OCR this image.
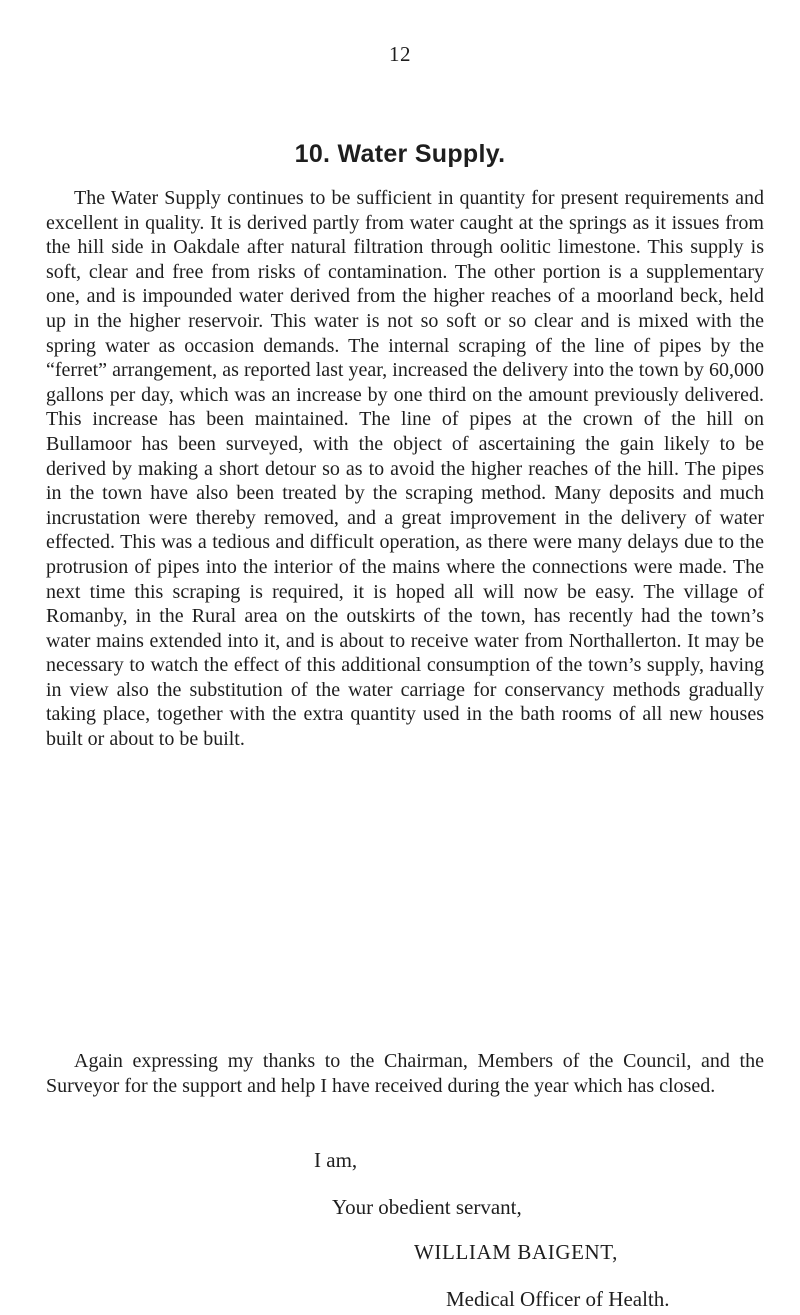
12
10. Water Supply.

The Water Supply continues to be sufficient in quantity for present requirements and excellent in quality. It is derived partly from water caught at the springs as it issues from the hill side in Oakdale after natural filtration through oolitic limestone. This supply is soft, clear and free from risks of contamination. The other portion is a supplementary one, and is impounded water derived from the higher reaches of a moorland beck, held up in the higher reservoir. This water is not so soft or so clear and is mixed with the spring water as occasion demands. The internal scraping of the line of pipes by the “ferret” arrangement, as reported last year, increased the delivery into the town by 60,000 gallons per day, which was an increase by one third on the amount previously delivered. This increase has been maintained. The line of pipes at the crown of the hill on Bullamoor has been surveyed, with the object of ascertaining the gain likely to be derived by making a short detour so as to avoid the higher reaches of the hill. The pipes in the town have also been treated by the scraping method. Many deposits and much incrustation were thereby removed, and a great improvement in the delivery of water effected. This was a tedious and difficult operation, as there were many delays due to the protrusion of pipes into the interior of the mains where the connections were made. The next time this scraping is required, it is hoped all will now be easy. The village of Romanby, in the Rural area on the outskirts of the town, has recently had the town’s water mains extended into it, and is about to receive water from Northallerton. It may be necessary to watch the effect of this additional consumption of the town’s supply, having in view also the substitution of the water carriage for conservancy methods gradually taking place, together with the extra quantity used in the bath rooms of all new houses built or about to be built.

Again expressing my thanks to the Chairman, Members of the Council, and the Surveyor for the support and help I have received during the year which has closed.

I am,

Your obedient servant,

WILLIAM BAIGENT,

Medical Officer of Health.
